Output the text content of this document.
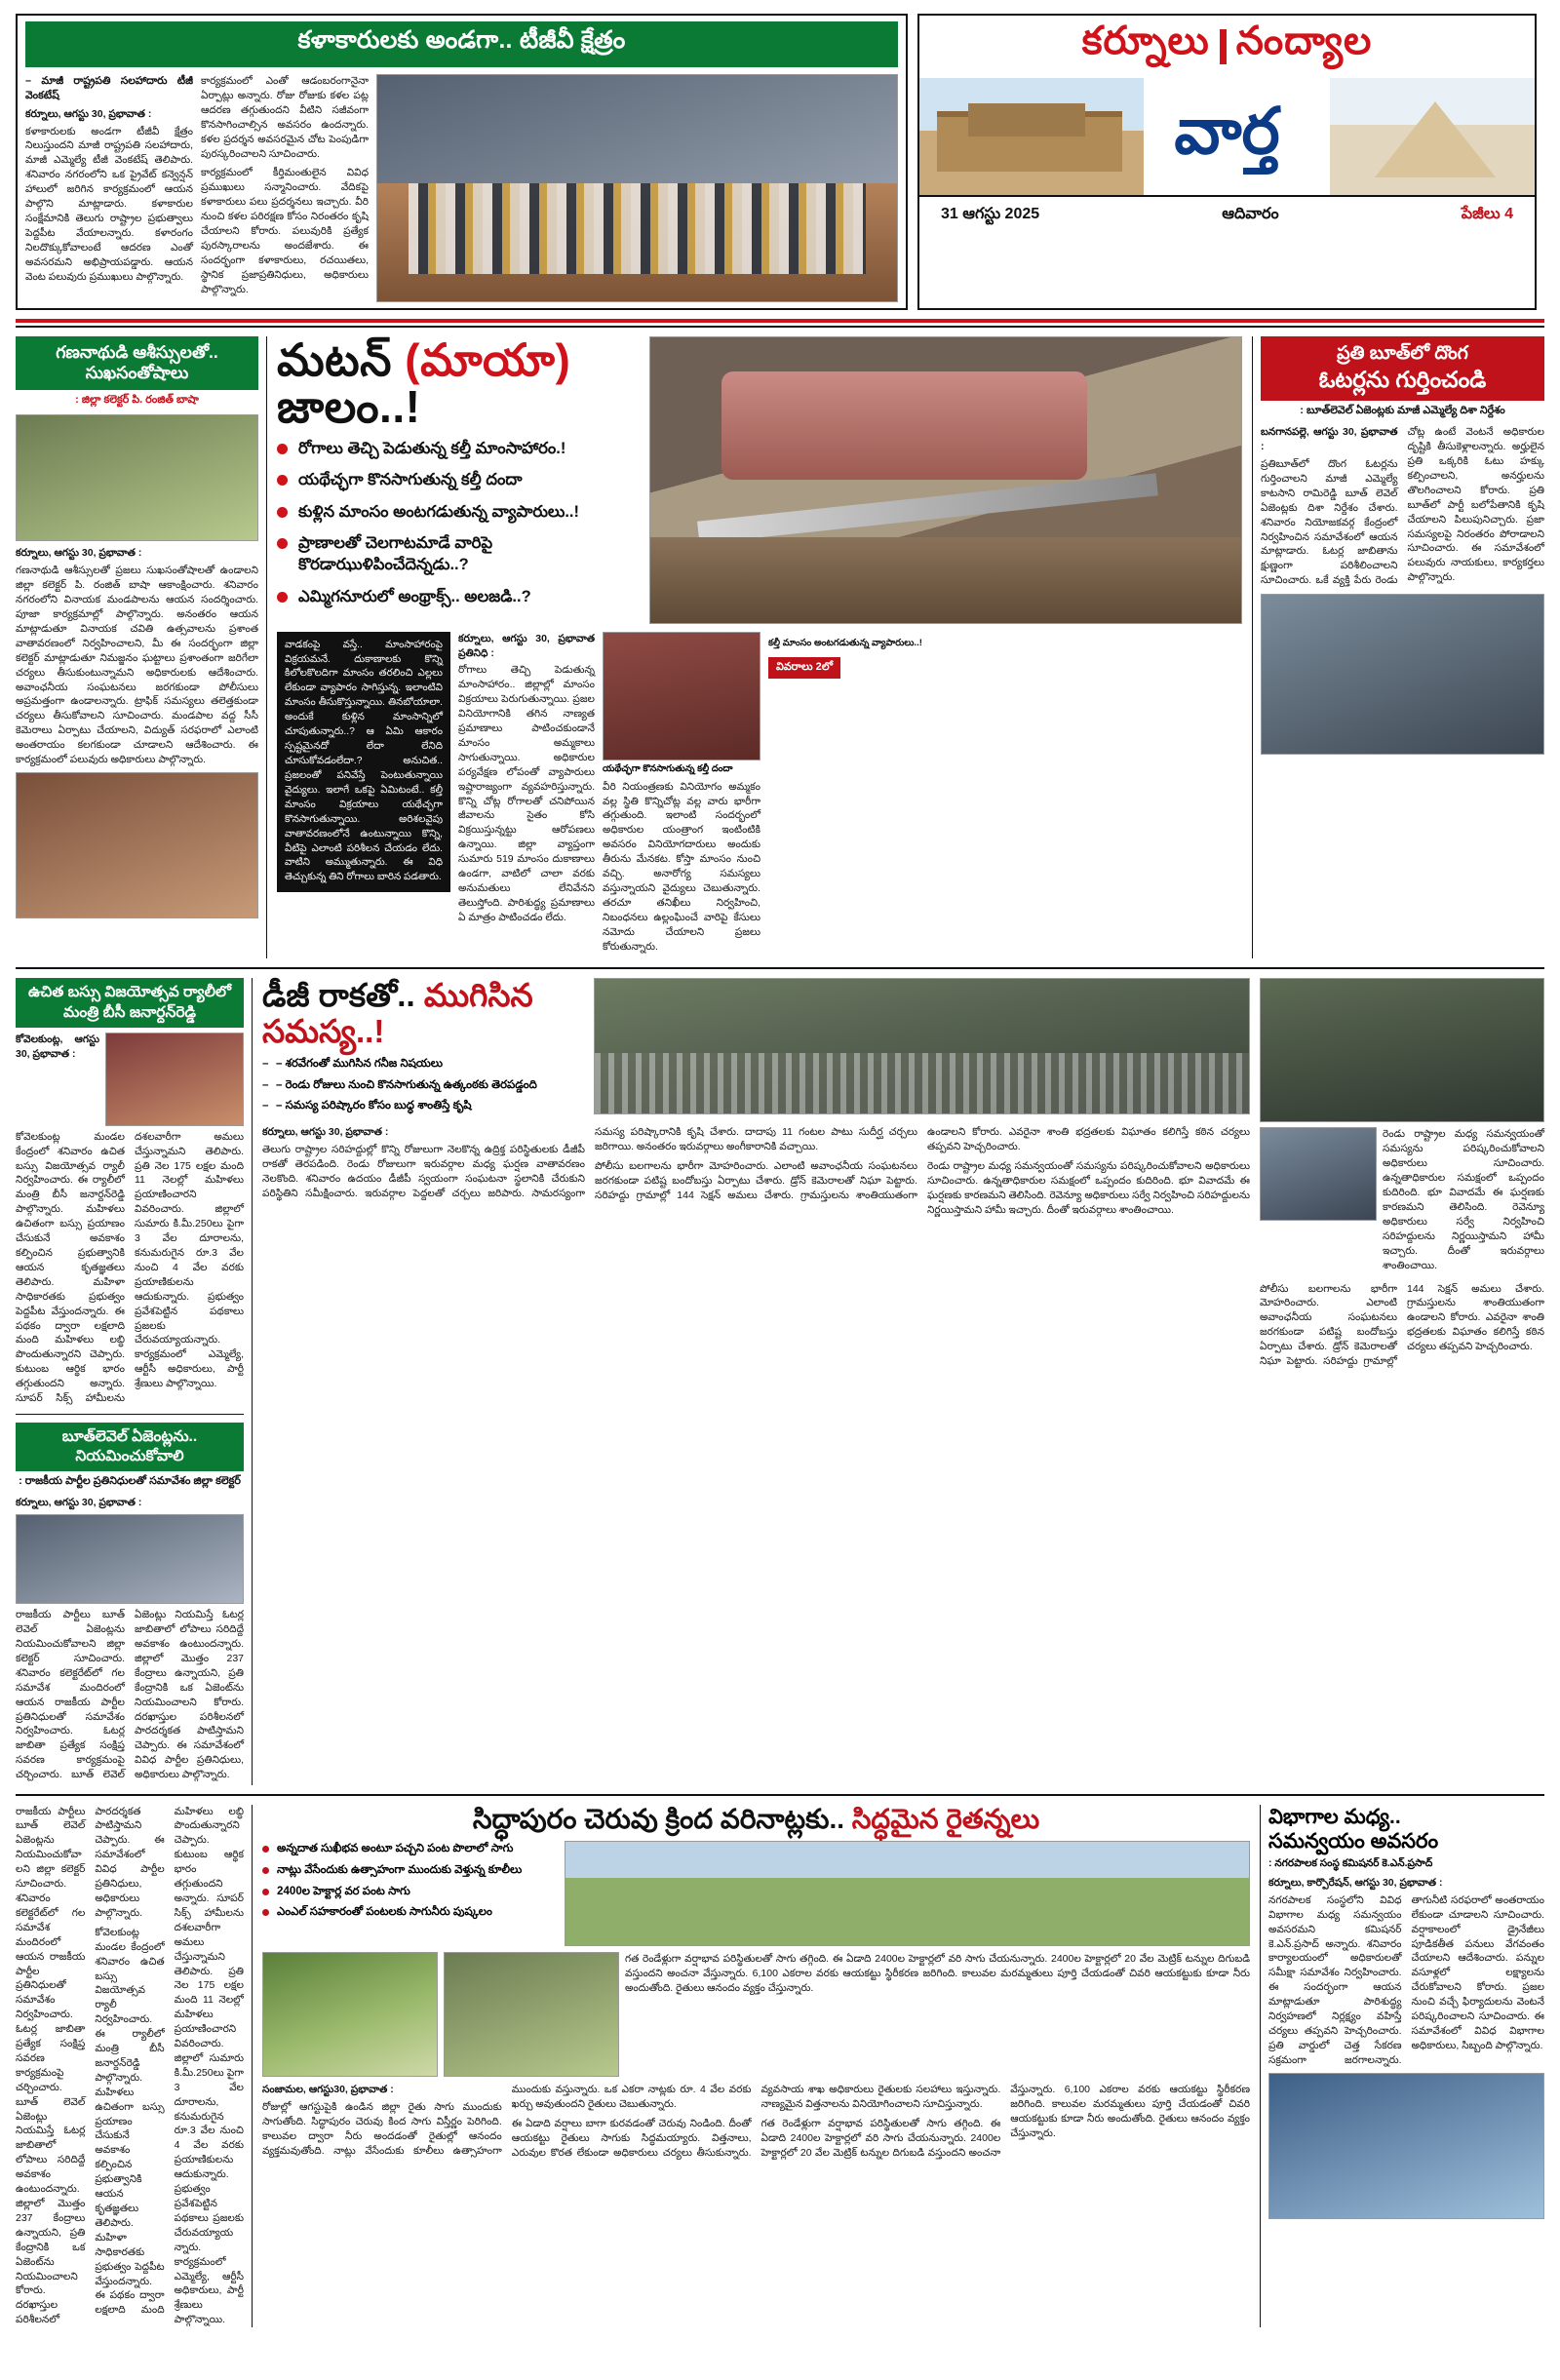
కళాకారులకు అండగా.. టీజీవీ క్షేత్రం
– మాజీ రాష్ట్రపతి సలహాదారు టీజీ వెంకటేష్
కర్నూలు, ఆగస్టు 30, ప్రభావాత :

కళాకారులకు అండగా టీజీవీ క్షేత్రం నిలుస్తుందని మాజీ రాష్ట్రపతి సలహాదారు, మాజీ ఎమ్మెల్యే టీజీ వెంకటేష్ తెలిపారు. శనివారం నగరంలోని ఒక ప్రైవేట్ కన్వెన్షన్ హాలులో జరిగిన కార్యక్రమంలో ఆయన పాల్గొని మాట్లాడారు. కళాకారుల సంక్షేమానికి తెలుగు రాష్ట్రాల ప్రభుత్వాలు పెద్దపీట వేయాలన్నారు. కళారంగం నిలదొక్కుకోవాలంటే ఆదరణ ఎంతో అవసరమని అభిప్రాయపడ్డారు. ఆయన వెంట పలువురు ప్రముఖులు పాల్గొన్నారు.

కార్యక్రమంలో ఎంతో ఆడంబరంగానైనా ఏర్పాట్లు అన్నారు. రోజు రోజుకు కళల పట్ల ఆదరణ తగ్గుతుందని వీటిని సజీవంగా కొనసాగించాల్సిన అవసరం ఉందన్నారు. కళల ప్రదర్శన అవసరమైన చోట పెంపుడిగా పురస్కరించాలని సూచించారు.

కార్యక్రమంలో కీర్తిమంతులైన వివిధ ప్రముఖులు సన్మానించారు. వేదికపై కళాకారులు పలు ప్రదర్శనలు ఇచ్చారు. వీరి నుంచి కళల పరిరక్షణ కోసం నిరంతరం కృషి చేయాలని కోరారు. పలువురికి ప్రత్యేక పురస్కారాలను అందజేశారు. ఈ సందర్భంగా కళాకారులు, రచయితలు, స్థానిక ప్రజాప్రతినిధులు, అధికారులు పాల్గొన్నారు.

కర్నూలు నంద్యాల
వార్త
31 ఆగస్టు 2025	ఆదివారం	పేజీలు 4
గణనాథుడి ఆశీస్సులతో.. సుఖసంతోషాలు
: జిల్లా కలెక్టర్ పి. రంజిత్ బాషా
కర్నూలు, ఆగస్టు 30, ప్రభావాత :

గణనాథుడి ఆశీస్సులతో ప్రజలు సుఖసంతోషాలతో ఉండాలని జిల్లా కలెక్టర్ పి. రంజిత్ బాషా ఆకాంక్షించారు. శనివారం నగరంలోని వినాయక మండపాలను ఆయన సందర్శించారు. పూజా కార్యక్రమాల్లో పాల్గొన్నారు. అనంతరం ఆయన మాట్లాడుతూ వినాయక చవితి ఉత్సవాలను ప్రశాంత వాతావరణంలో నిర్వహించాలని, మీ ఈ సందర్భంగా జిల్లా కలెక్టర్ మాట్లాడుతూ నిమజ్జనం ఘట్టాలు ప్రశాంతంగా జరిగేలా చర్యలు తీసుకుంటున్నామని అధికారులకు ఆదేశించారు. అవాంఛనీయ సంఘటనలు జరగకుండా పోలీసులు అప్రమత్తంగా ఉండాలన్నారు. ట్రాఫిక్ సమస్యలు తలెత్తకుండా చర్యలు తీసుకోవాలని సూచించారు. మండపాల వద్ద సీసీ కెమెరాలు ఏర్పాటు చేయాలని, విద్యుత్ సరఫరాలో ఎలాంటి అంతరాయం కలగకుండా చూడాలని ఆదేశించారు. ఈ కార్యక్రమంలో పలువురు అధికారులు పాల్గొన్నారు.

మటన్ (మాయా) జాలం..!
రోగాలు తెచ్చి పెడుతున్న కల్తీ మాంసాహారం.!
యథేచ్ఛగా కొనసాగుతున్న కల్తీ దందా
కుళ్లిన మాంసం అంటగడుతున్న వ్యాపారులు..!
ప్రాణాలతో చెలగాటమాడే వారిపై కొరడాఝుళిపించేదెన్నడు..?
ఎమ్మిగనూరులో అంథ్రాక్స్.. అలజడి..?
వాడకంపై వస్తే.. మాంసాహారంపై విక్రయమనే. దుకాణాలకు కొన్ని కిలోలకొలదిగా మాంసం తరలించి ఎల్లలు లేకుండా వ్యాపారం సాగిస్తున్న. ఇలాంటివి మాంసం తీసుకొస్తున్నాయి. తినబోయాలా. అందుకే కుళ్లిన మాంసాన్నిలో చూపుతున్నారు..? ఆ ఏమి ఆకారం స్పష్టమైనదో లేదా లేనిది చూసుకోవడంలేదా.? అనుచిత.. ప్రజలంతో పనివేస్తే పెంటుతున్నాయి వైద్యులు. ఇలాగే ఒకపై ఏమిటంటే.. కల్తీ మాంసం విక్రయాలు యథేచ్ఛగా కొనసాగుతున్నాయి. అరిశలవైపు వాతావరణంలోనే ఉంటున్నాయి కొన్ని, వీటిపై ఎలాంటి పరిశీలన చేయడం లేదు. వాటిని అమ్ముతున్నారు. ఈ విధి తెచ్చుకున్న తిని రోగాలు బారిన పడతారు.
కర్నూలు, ఆగస్టు 30, ప్రభావాత ప్రతినిధి :

రోగాలు తెచ్చి పెడుతున్న మాంసాహారం.. జిల్లాల్లో మాంసం విక్రయాలు పెరుగుతున్నాయి. ప్రజల వినియోగానికి తగిన నాణ్యత ప్రమాణాలు పాటించకుండానే మాంసం అమ్మకాలు సాగుతున్నాయి. అధికారుల పర్యవేక్షణ లోపంతో వ్యాపారులు ఇష్టారాజ్యంగా వ్యవహరిస్తున్నారు. కొన్ని చోట్ల రోగాలతో చనిపోయిన జీవాలను సైతం కోసి విక్రయిస్తున్నట్టు ఆరోపణలు ఉన్నాయి. జిల్లా వ్యాప్తంగా సుమారు 519 మాంసం దుకాణాలు ఉండగా, వాటిలో చాలా వరకు అనుమతులు లేనివేనని తెలుస్తోంది. పారిశుద్ధ్య ప్రమాణాలు ఏ మాత్రం పాటించడం లేదు.

యథేచ్ఛగా కొనసాగుతున్న కల్తీ దందా

వీరి నియంత్రణకు వినియోగం అమ్మకం వల్ల స్థితి కొన్నిచోట్ల వల్ల వారు భారీగా తగ్గుతుంది. ఇలాంటి సందర్భంలో అధికారుల యంత్రాంగ ఇంటింటికి అవసరం వినియోగదారులు అందుకు తీరును మేనకట. కోస్తా మాంసం నుంచి వచ్చి. అనారోగ్య సమస్యలు వస్తున్నాయని వైద్యులు చెబుతున్నారు. తరచూ తనిఖీలు నిర్వహించి, నిబంధనలు ఉల్లంఘించే వారిపై కేసులు నమోదు చేయాలని ప్రజలు కోరుతున్నారు.

కల్తీ మాంసం అంటగడుతున్న వ్యాపారులు..!
వివరాలు 2లో
ప్రతి బూత్‌లో దొంగ
ఓటర్లను గుర్తించండి
: బూత్‌లెవెల్ ఏజెంట్లకు మాజీ ఎమ్మెల్యే దిశా నిర్దేశం
బనగానపల్లె, ఆగస్టు 30, ప్రభావాత :

ప్రతిబూత్‌లో దొంగ ఓటర్లను గుర్తించాలని మాజీ ఎమ్మెల్యే కాటసాని రామిరెడ్డి బూత్ లెవెల్ ఏజెంట్లకు దిశా నిర్దేశం చేశారు. శనివారం నియోజకవర్గ కేంద్రంలో నిర్వహించిన సమావేశంలో ఆయన మాట్లాడారు. ఓటర్ల జాబితాను క్షుణ్ణంగా పరిశీలించాలని సూచించారు. ఒకే వ్యక్తి పేరు రెండు చోట్ల ఉంటే వెంటనే అధికారుల దృష్టికి తీసుకెళ్లాలన్నారు. అర్హులైన ప్రతి ఒక్కరికి ఓటు హక్కు కల్పించాలని, అనర్హులను తొలగించాలని కోరారు. ప్రతి బూత్‌లో పార్టీ బలోపేతానికి కృషి చేయాలని పిలుపునిచ్చారు. ప్రజా సమస్యలపై నిరంతరం పోరాడాలని సూచించారు. ఈ సమావేశంలో పలువురు నాయకులు, కార్యకర్తలు పాల్గొన్నారు.

ఉచిత బస్సు విజయోత్సవ ర్యాలీలో
మంత్రి బీసీ జనార్దన్‌రెడ్డి
కోవెలకుంట్ల, ఆగస్టు 30, ప్రభావాత :

కోవెలకుంట్ల మండల కేంద్రంలో శనివారం ఉచిత బస్సు విజయోత్సవ ర్యాలీ నిర్వహించారు. ఈ ర్యాలీలో మంత్రి బీసీ జనార్దన్‌రెడ్డి పాల్గొన్నారు. మహిళలు ఉచితంగా బస్సు ప్రయాణం చేసుకునే అవకాశం కల్పించిన ప్రభుత్వానికి ఆయన కృతజ్ఞతలు తెలిపారు. మహిళా సాధికారతకు ప్రభుత్వం పెద్దపీట వేస్తుందన్నారు. ఈ పథకం ద్వారా లక్షలాది మంది మహిళలు లబ్ధి పొందుతున్నారని చెప్పారు. కుటుంబ ఆర్థిక భారం తగ్గుతుందని అన్నారు. సూపర్ సిక్స్ హామీలను దశలవారీగా అమలు చేస్తున్నామని తెలిపారు. ప్రతి నెల 175 లక్షల మంది 11 నెలల్లో మహిళలు ప్రయాణించారని వివరించారు. జిల్లాలో సుమారు కి.మీ.250లు పైగా 3 వేల దూరాలను, కనుమరుగైన రూ.3 వేల నుంచి 4 వేల వరకు ప్రయాణికులను ఆదుకున్నారు. ప్రభుత్వం ప్రవేశపెట్టిన పథకాలు ప్రజలకు చేరువయ్యాయన్నారు. కార్యక్రమంలో ఎమ్మెల్యే, ఆర్టీసీ అధికారులు, పార్టీ శ్రేణులు పాల్గొన్నాయి.

బూత్‌లెవెల్ ఏజెంట్లను..
నియమించుకోవాలి
: రాజకీయ పార్టీల ప్రతినిధులతో సమావేశం జిల్లా కలెక్టర్
కర్నూలు, ఆగస్టు 30, ప్రభావాత :

రాజకీయ పార్టీలు బూత్ లెవెల్ ఏజెంట్లను నియమించుకోవాలని జిల్లా కలెక్టర్ సూచించారు. శనివారం కలెక్టరేట్‌లో గల సమావేశ మందిరంలో ఆయన రాజకీయ పార్టీల ప్రతినిధులతో సమావేశం నిర్వహించారు. ఓటర్ల జాబితా ప్రత్యేక సంక్షిప్త సవరణ కార్యక్రమంపై చర్చించారు. బూత్ లెవెల్ ఏజెంట్లు నియమిస్తే ఓటర్ల జాబితాలో లోపాలు సరిదిద్దే అవకాశం ఉంటుందన్నారు. జిల్లాలో మొత్తం 237 కేంద్రాలు ఉన్నాయని, ప్రతి కేంద్రానికి ఒక ఏజెంట్‌ను నియమించాలని కోరారు. దరఖాస్తుల పరిశీలనలో పారదర్శకత పాటిస్తామని చెప్పారు. ఈ సమావేశంలో వివిధ పార్టీల ప్రతినిధులు, అధికారులు పాల్గొన్నారు.

డీజీ రాకతో.. ముగిసిన సమస్య..!
– – శరవేగంతో ముగిసిన గనీజ నిషయలు
– – రెండు రోజులు నుంచి కొనసాగుతున్న ఉత్కంఠకు తెరపడ్డంది
– – సమస్య పరిష్కారం కోసం బుధ్ధ శాంతిస్తే కృషి
కర్నూలు, ఆగస్టు 30, ప్రభావాత :

తెలుగు రాష్ట్రాల సరిహద్దుల్లో కొన్ని రోజులుగా నెలకొన్న ఉద్రిక్త పరిస్థితులకు డీజీపీ రాకతో తెరపడింది. రెండు రోజులుగా ఇరువర్గాల మధ్య ఘర్షణ వాతావరణం నెలకొంది. శనివారం ఉదయం డీజీపీ స్వయంగా సంఘటనా స్థలానికి చేరుకుని పరిస్థితిని సమీక్షించారు. ఇరువర్గాల పెద్దలతో చర్చలు జరిపారు. సామరస్యంగా సమస్య పరిష్కారానికి కృషి చేశారు. దాదాపు 11 గంటల పాటు సుదీర్ఘ చర్చలు జరిగాయి. అనంతరం ఇరువర్గాలు అంగీకారానికి వచ్చాయి.

పోలీసు బలగాలను భారీగా మోహరించారు. ఎలాంటి అవాంఛనీయ సంఘటనలు జరగకుండా పటిష్ట బందోబస్తు ఏర్పాటు చేశారు. డ్రోన్ కెమెరాలతో నిఘా పెట్టారు. సరిహద్దు గ్రామాల్లో 144 సెక్షన్ అమలు చేశారు. గ్రామస్తులను శాంతియుతంగా ఉండాలని కోరారు. ఎవరైనా శాంతి భద్రతలకు విఘాతం కలిగిస్తే కఠిన చర్యలు తప్పవని హెచ్చరించారు.

రెండు రాష్ట్రాల మధ్య సమన్వయంతో సమస్యను పరిష్కరించుకోవాలని అధికారులు సూచించారు. ఉన్నతాధికారుల సమక్షంలో ఒప్పందం కుదిరింది. భూ వివాదమే ఈ ఘర్షణకు కారణమని తెలిసింది. రెవెన్యూ అధికారులు సర్వే నిర్వహించి సరిహద్దులను నిర్ణయిస్తామని హామీ ఇచ్చారు. దీంతో ఇరువర్గాలు శాంతించాయి.

రెండు రాష్ట్రాల మధ్య సమన్వయంతో సమస్యను పరిష్కరించుకోవాలని అధికారులు సూచించారు. ఉన్నతాధికారుల సమక్షంలో ఒప్పందం కుదిరింది. భూ వివాదమే ఈ ఘర్షణకు కారణమని తెలిసింది. రెవెన్యూ అధికారులు సర్వే నిర్వహించి సరిహద్దులను నిర్ణయిస్తామని హామీ ఇచ్చారు. దీంతో ఇరువర్గాలు శాంతించాయి.

పోలీసు బలగాలను భారీగా మోహరించారు. ఎలాంటి అవాంఛనీయ సంఘటనలు జరగకుండా పటిష్ట బందోబస్తు ఏర్పాటు చేశారు. డ్రోన్ కెమెరాలతో నిఘా పెట్టారు. సరిహద్దు గ్రామాల్లో 144 సెక్షన్ అమలు చేశారు. గ్రామస్తులను శాంతియుతంగా ఉండాలని కోరారు. ఎవరైనా శాంతి భద్రతలకు విఘాతం కలిగిస్తే కఠిన చర్యలు తప్పవని హెచ్చరించారు.

రాజకీయ పార్టీలు బూత్ లెవెల్ ఏజెంట్లను నియమించుకోవాలని జిల్లా కలెక్టర్ సూచించారు. శనివారం కలెక్టరేట్‌లో గల సమావేశ మందిరంలో ఆయన రాజకీయ పార్టీల ప్రతినిధులతో సమావేశం నిర్వహించారు. ఓటర్ల జాబితా ప్రత్యేక సంక్షిప్త సవరణ కార్యక్రమంపై చర్చించారు. బూత్ లెవెల్ ఏజెంట్లు నియమిస్తే ఓటర్ల జాబితాలో లోపాలు సరిదిద్దే అవకాశం ఉంటుందన్నారు. జిల్లాలో మొత్తం 237 కేంద్రాలు ఉన్నాయని, ప్రతి కేంద్రానికి ఒక ఏజెంట్‌ను నియమించాలని కోరారు. దరఖాస్తుల పరిశీలనలో పారదర్శకత పాటిస్తామని చెప్పారు. ఈ సమావేశంలో వివిధ పార్టీల ప్రతినిధులు, అధికారులు పాల్గొన్నారు.

కోవెలకుంట్ల మండల కేంద్రంలో శనివారం ఉచిత బస్సు విజయోత్సవ ర్యాలీ నిర్వహించారు. ఈ ర్యాలీలో మంత్రి బీసీ జనార్దన్‌రెడ్డి పాల్గొన్నారు. మహిళలు ఉచితంగా బస్సు ప్రయాణం చేసుకునే అవకాశం కల్పించిన ప్రభుత్వానికి ఆయన కృతజ్ఞతలు తెలిపారు. మహిళా సాధికారతకు ప్రభుత్వం పెద్దపీట వేస్తుందన్నారు. ఈ పథకం ద్వారా లక్షలాది మంది మహిళలు లబ్ధి పొందుతున్నారని చెప్పారు. కుటుంబ ఆర్థిక భారం తగ్గుతుందని అన్నారు. సూపర్ సిక్స్ హామీలను దశలవారీగా అమలు చేస్తున్నామని తెలిపారు. ప్రతి నెల 175 లక్షల మంది 11 నెలల్లో మహిళలు ప్రయాణించారని వివరించారు. జిల్లాలో సుమారు కి.మీ.250లు పైగా 3 వేల దూరాలను, కనుమరుగైన రూ.3 వేల నుంచి 4 వేల వరకు ప్రయాణికులను ఆదుకున్నారు. ప్రభుత్వం ప్రవేశపెట్టిన పథకాలు ప్రజలకు చేరువయ్యాయన్నారు. కార్యక్రమంలో ఎమ్మెల్యే, ఆర్టీసీ అధికారులు, పార్టీ శ్రేణులు పాల్గొన్నాయి.

సిద్ధాపురం చెరువు క్రింద వరినాట్లకు.. సిద్ధమైన రైతన్నలు
అన్నదాత సుఖీభవ అంటూ పచ్చని పంట పొలాలో సాగు
నాట్లు వేసేందుకు ఉత్సాహంగా ముందుకు వెళ్తున్న కూలీలు
2400ల హెక్టార్ల వర పంట సాగు
ఎంఎల్ సహకారంతో పంటలకు సాగునీరు పుష్కలం

గత రెండేళ్లుగా వర్షాభావ పరిస్థితులతో సాగు తగ్గింది. ఈ ఏడాది 2400ల హెక్టార్లలో వరి సాగు చేయనున్నారు. 2400ల హెక్టార్లలో 20 వేల మెట్రిక్ టన్నుల దిగుబడి వస్తుందని అంచనా వేస్తున్నారు. 6,100 ఎకరాల వరకు ఆయకట్టు స్థిరీకరణ జరిగింది. కాలువల మరమ్మతులు పూర్తి చేయడంతో చివరి ఆయకట్టుకు కూడా నీరు అందుతోంది. రైతులు ఆనందం వ్యక్తం చేస్తున్నారు.

సంజామల, ఆగస్టు30, ప్రభావాత :

రోజుల్లో ఆగస్టుపైకి ఉండిన జిల్లా రైతు సాగు ముందుకు సాగుతోంది. సిద్ధాపురం చెరువు కింద సాగు విస్తీర్ణం పెరిగింది. కాలువల ద్వారా నీరు అందడంతో రైతుల్లో ఆనందం వ్యక్తమవుతోంది. నాట్లు వేసేందుకు కూలీలు ఉత్సాహంగా ముందుకు వస్తున్నారు. ఒక ఎకరా నాట్లకు రూ. 4 వేల వరకు ఖర్చు అవుతుందని రైతులు చెబుతున్నారు.

ఈ ఏడాది వర్షాలు బాగా కురవడంతో చెరువు నిండింది. దీంతో ఆయకట్టు రైతులు సాగుకు సిద్ధమయ్యారు. విత్తనాలు, ఎరువుల కొరత లేకుండా అధికారులు చర్యలు తీసుకున్నారు. వ్యవసాయ శాఖ అధికారులు రైతులకు సలహాలు ఇస్తున్నారు. నాణ్యమైన విత్తనాలను వినియోగించాలని సూచిస్తున్నారు.

గత రెండేళ్లుగా వర్షాభావ పరిస్థితులతో సాగు తగ్గింది. ఈ ఏడాది 2400ల హెక్టార్లలో వరి సాగు చేయనున్నారు. 2400ల హెక్టార్లలో 20 వేల మెట్రిక్ టన్నుల దిగుబడి వస్తుందని అంచనా వేస్తున్నారు. 6,100 ఎకరాల వరకు ఆయకట్టు స్థిరీకరణ జరిగింది. కాలువల మరమ్మతులు పూర్తి చేయడంతో చివరి ఆయకట్టుకు కూడా నీరు అందుతోంది. రైతులు ఆనందం వ్యక్తం చేస్తున్నారు.

విభాగాల మధ్య..
సమన్వయం అవసరం
: నగరపాలక సంస్థ కమిషనర్ కె.ఎన్.ప్రసాద్
కర్నూలు, కార్పొరేషన్, ఆగస్టు 30, ప్రభావాత :

నగరపాలక సంస్థలోని వివిధ విభాగాల మధ్య సమన్వయం అవసరమని కమిషనర్ కె.ఎన్.ప్రసాద్ అన్నారు. శనివారం కార్యాలయంలో అధికారులతో సమీక్షా సమావేశం నిర్వహించారు. ఈ సందర్భంగా ఆయన మాట్లాడుతూ పారిశుద్ధ్య నిర్వహణలో నిర్లక్ష్యం వహిస్తే చర్యలు తప్పవని హెచ్చరించారు. ప్రతి వార్డులో చెత్త సేకరణ సక్రమంగా జరగాలన్నారు. తాగునీటి సరఫరాలో అంతరాయం లేకుండా చూడాలని సూచించారు. వర్షాకాలంలో డ్రైనేజీలు పూడికతీత పనులు వేగవంతం చేయాలని ఆదేశించారు. పన్నుల వసూళ్లలో లక్ష్యాలను చేరుకోవాలని కోరారు. ప్రజల నుంచి వచ్చే ఫిర్యాదులను వెంటనే పరిష్కరించాలని సూచించారు. ఈ సమావేశంలో వివిధ విభాగాల అధికారులు, సిబ్బంది పాల్గొన్నారు.
